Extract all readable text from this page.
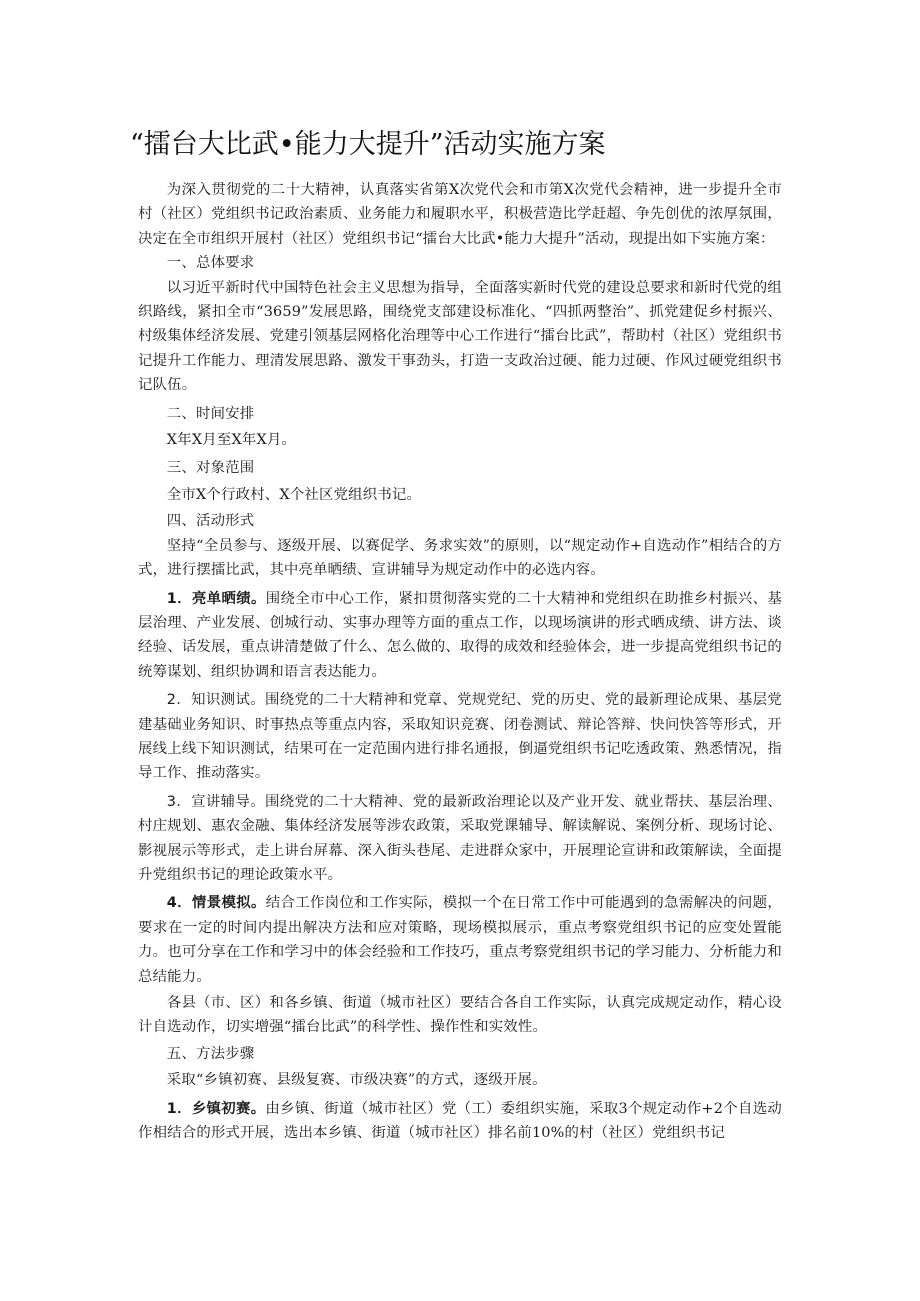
“擂台大比武•能力大提升”活动实施方案

为深入贯彻党的二十大精神，认真落实省第X次党代会和市第X次党代会精神，进一步提升全市村（社区）党组织书记政治素质、业务能力和履职水平，积极营造比学赶超、争先创优的浓厚氛围，决定在全市组织开展村（社区）党组织书记“擂台大比武•能力大提升”活动，现提出如下实施方案：

一、总体要求

以习近平新时代中国特色社会主义思想为指导，全面落实新时代党的建设总要求和新时代党的组织路线，紧扣全市“3659”发展思路，围绕党支部建设标准化、“四抓两整治”、抓党建促乡村振兴、村级集体经济发展、党建引领基层网格化治理等中心工作进行“擂台比武”，帮助村（社区）党组织书记提升工作能力、理清发展思路、激发干事劲头，打造一支政治过硬、能力过硬、作风过硬党组织书记队伍。

二、时间安排

X年X月至X年X月。

三、对象范围

全市X个行政村、X个社区党组织书记。

四、活动形式

坚持“全员参与、逐级开展、以赛促学、务求实效”的原则，以“规定动作+自选动作”相结合的方式，进行摆擂比武，其中亮单晒绩、宣讲辅导为规定动作中的必选内容。

1．亮单晒绩。围绕全市中心工作，紧扣贯彻落实党的二十大精神和党组织在助推乡村振兴、基层治理、产业发展、创城行动、实事办理等方面的重点工作，以现场演讲的形式晒成绩、讲方法、谈经验、话发展，重点讲清楚做了什么、怎么做的、取得的成效和经验体会，进一步提高党组织书记的统筹谋划、组织协调和语言表达能力。

2．知识测试。围绕党的二十大精神和党章、党规党纪、党的历史、党的最新理论成果、基层党建基础业务知识、时事热点等重点内容，采取知识竞赛、闭卷测试、辩论答辩、快问快答等形式，开展线上线下知识测试，结果可在一定范围内进行排名通报，倒逼党组织书记吃透政策、熟悉情况，指导工作、推动落实。

3．宣讲辅导。围绕党的二十大精神、党的最新政治理论以及产业开发、就业帮扶、基层治理、村庄规划、惠农金融、集体经济发展等涉农政策，采取党课辅导、解读解说、案例分析、现场讨论、影视展示等形式，走上讲台屏幕、深入街头巷尾、走进群众家中，开展理论宣讲和政策解读，全面提升党组织书记的理论政策水平。

4．情景模拟。结合工作岗位和工作实际，模拟一个在日常工作中可能遇到的急需解决的问题，要求在一定的时间内提出解决方法和应对策略，现场模拟展示，重点考察党组织书记的应变处置能力。也可分享在工作和学习中的体会经验和工作技巧，重点考察党组织书记的学习能力、分析能力和总结能力。

各县（市、区）和各乡镇、街道（城市社区）要结合各自工作实际，认真完成规定动作，精心设计自选动作，切实增强“擂台比武”的科学性、操作性和实效性。

五、方法步骤

采取“乡镇初赛、县级复赛、市级决赛”的方式，逐级开展。

1．乡镇初赛。由乡镇、街道（城市社区）党（工）委组织实施，采取3个规定动作+2个自选动作相结合的形式开展，选出本乡镇、街道（城市社区）排名前10%的村（社区）党组织书记
